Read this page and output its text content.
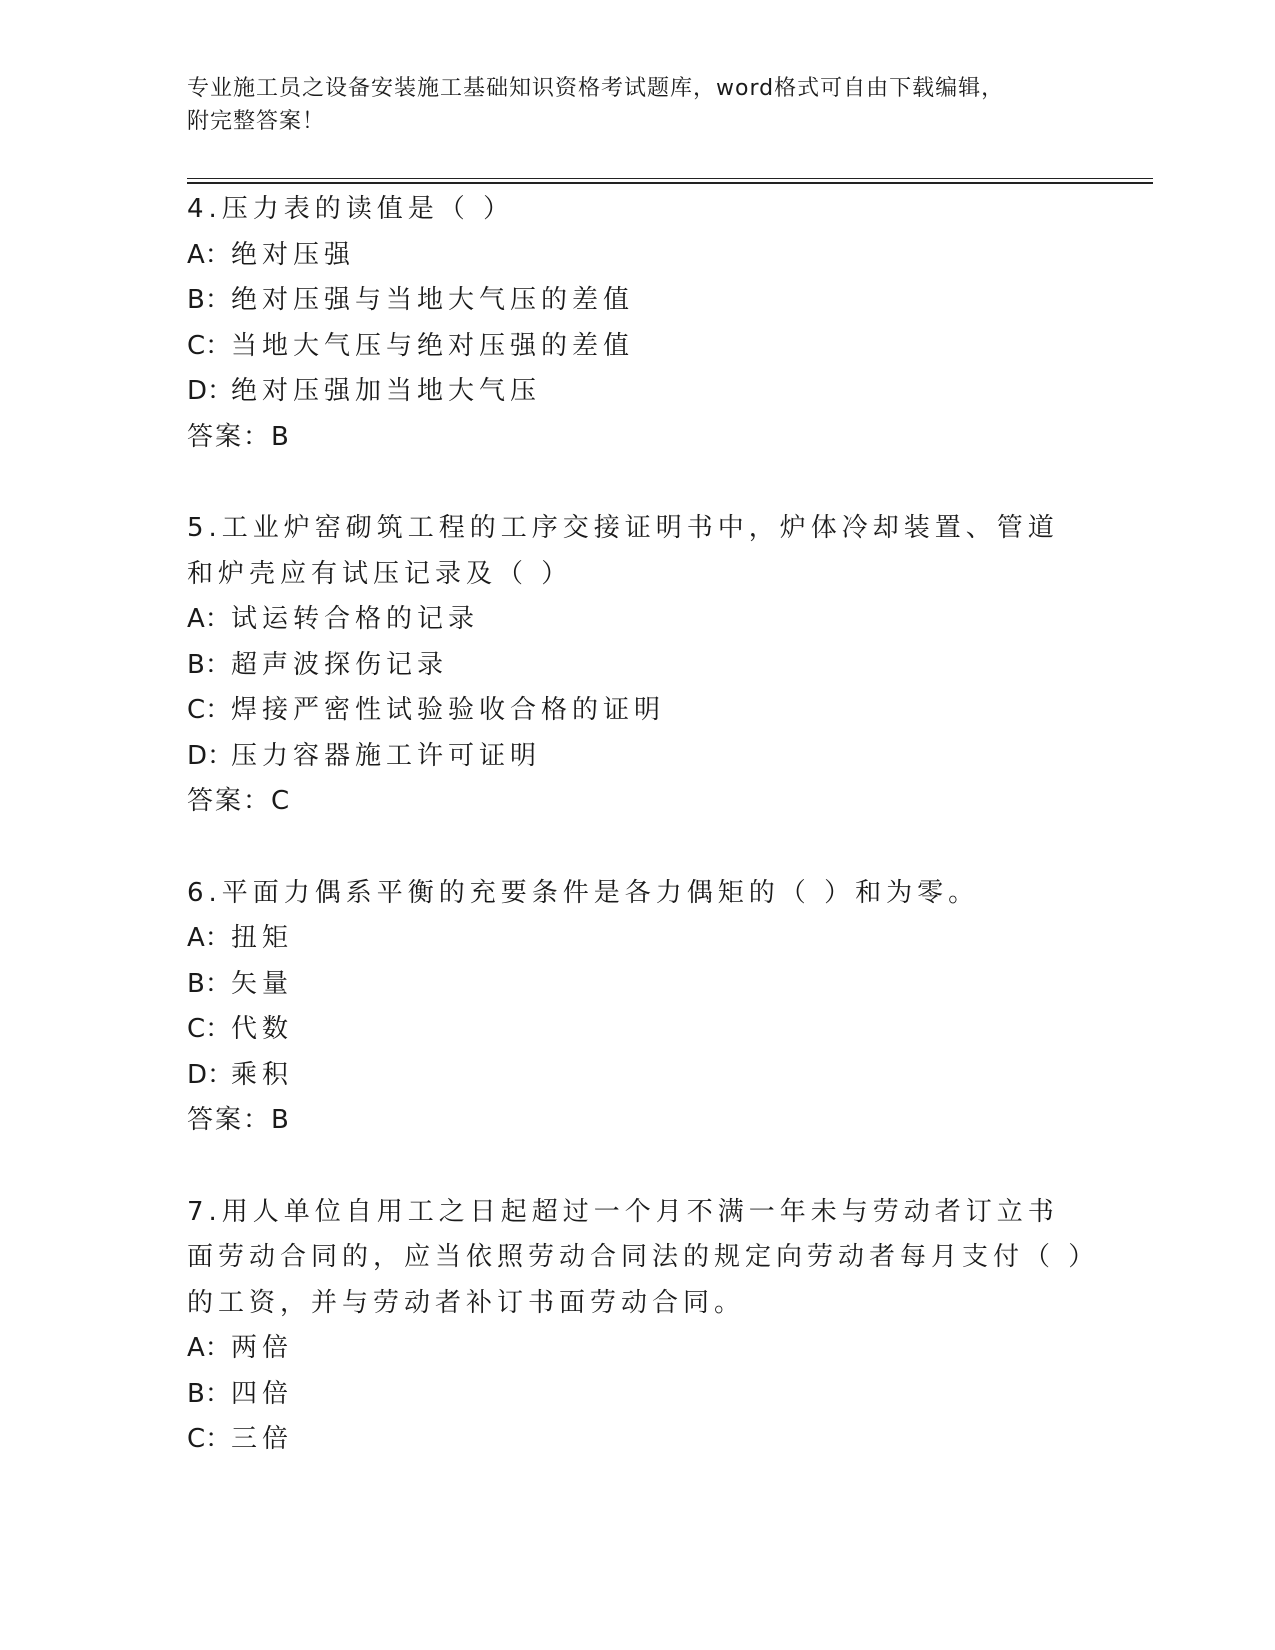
专业施工员之设备安装施工基础知识资格考试题库，word格式可自由下载编辑，
附完整答案！
4.压力表的读值是（ ）
A：绝对压强
B：绝对压强与当地大气压的差值
C：当地大气压与绝对压强的差值
D：绝对压强加当地大气压
答案：B
5.工业炉窑砌筑工程的工序交接证明书中，炉体冷却装置、管道和炉壳应有试压记录及（ ）
A：试运转合格的记录
B：超声波探伤记录
C：焊接严密性试验验收合格的证明
D：压力容器施工许可证明
答案：C
6.平面力偶系平衡的充要条件是各力偶矩的（ ）和为零。
A：扭矩
B：矢量
C：代数
D：乘积
答案：B
7.用人单位自用工之日起超过一个月不满一年未与劳动者订立书面劳动合同的，应当依照劳动合同法的规定向劳动者每月支付（ ）的工资，并与劳动者补订书面劳动合同。
A：两倍
B：四倍
C：三倍
